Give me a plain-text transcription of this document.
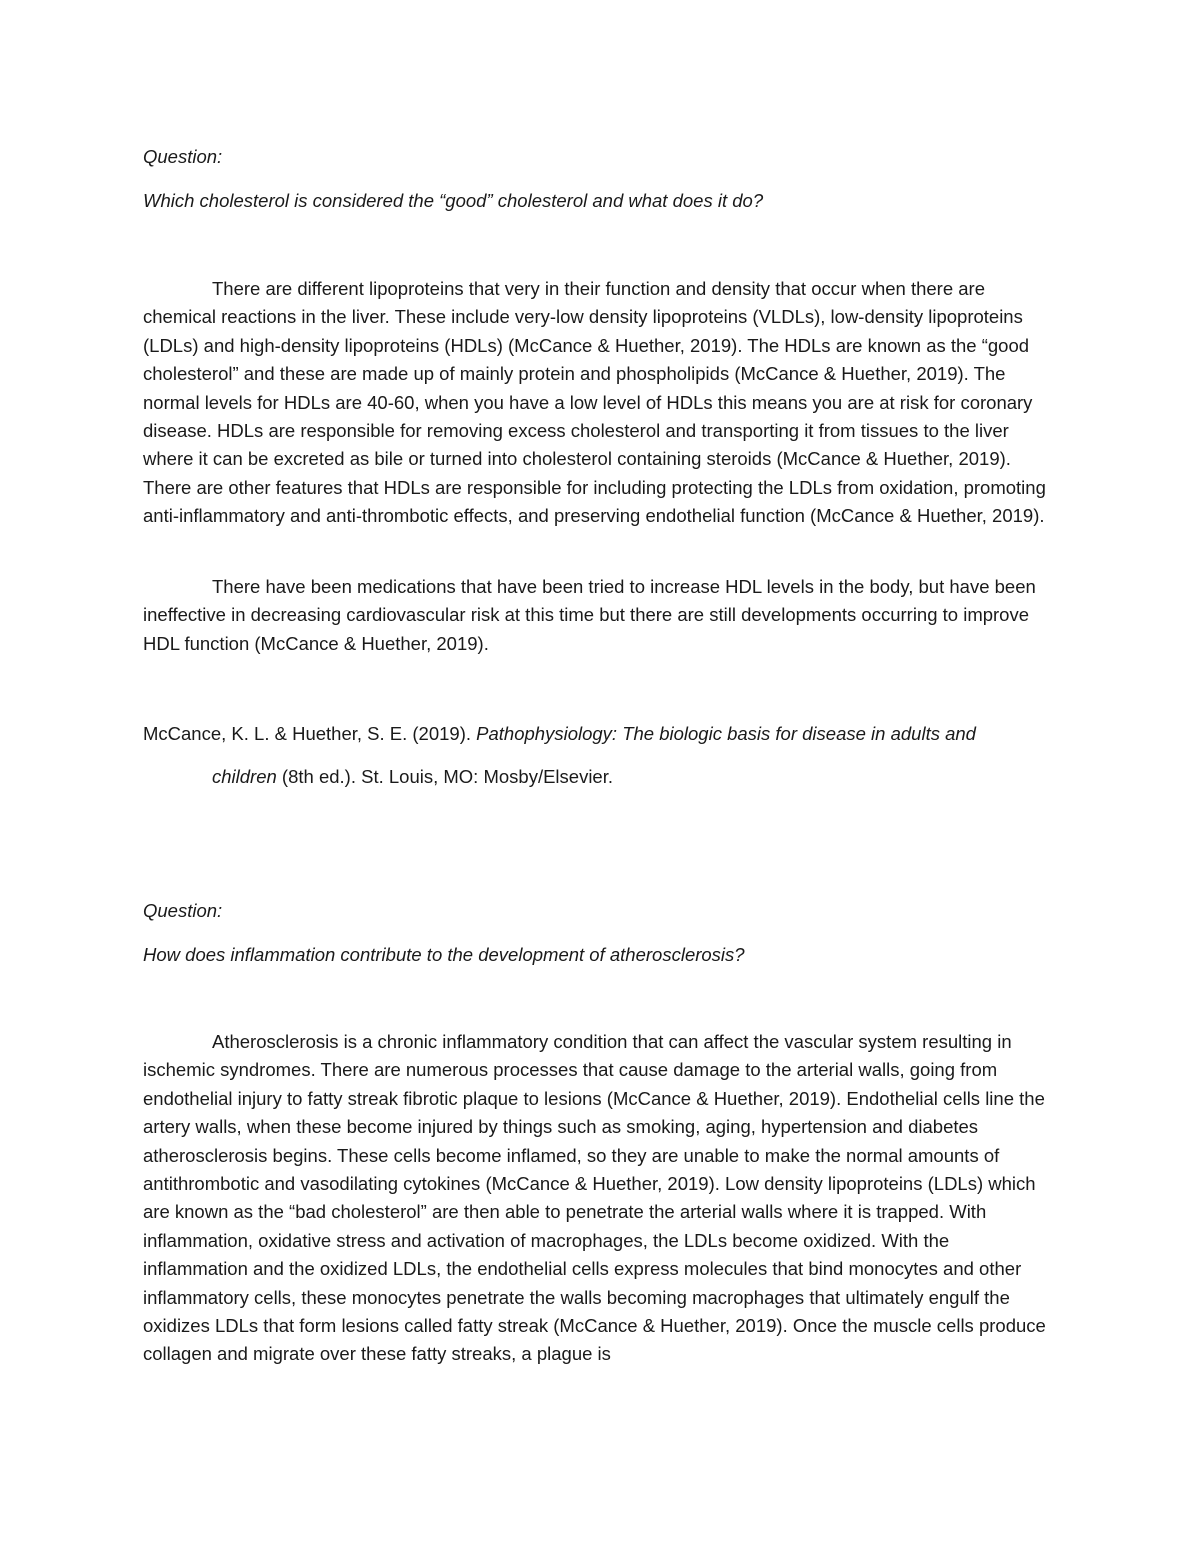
Question:

Which cholesterol is considered the “good” cholesterol and what does it do?

There are different lipoproteins that very in their function and density that occur when there are chemical reactions in the liver. These include very-low density lipoproteins (VLDLs), low-density lipoproteins (LDLs) and high-density lipoproteins (HDLs) (McCance & Huether, 2019). The HDLs are known as the “good cholesterol” and these are made up of mainly protein and phospholipids (McCance & Huether, 2019). The normal levels for HDLs are 40-60, when you have a low level of HDLs this means you are at risk for coronary disease. HDLs are responsible for removing excess cholesterol and transporting it from tissues to the liver where it can be excreted as bile or turned into cholesterol containing steroids (McCance & Huether, 2019). There are other features that HDLs are responsible for including protecting the LDLs from oxidation, promoting anti-inflammatory and anti-thrombotic effects, and preserving endothelial function (McCance & Huether, 2019).

There have been medications that have been tried to increase HDL levels in the body, but have been ineffective in decreasing cardiovascular risk at this time but there are still developments occurring to improve HDL function (McCance & Huether, 2019).

McCance, K. L. & Huether, S. E. (2019). Pathophysiology: The biologic basis for disease in adults and

children (8th ed.). St. Louis, MO: Mosby/Elsevier.

Question:

How does inflammation contribute to the development of atherosclerosis?

Atherosclerosis is a chronic inflammatory condition that can affect the vascular system resulting in ischemic syndromes. There are numerous processes that cause damage to the arterial walls, going from endothelial injury to fatty streak fibrotic plaque to lesions (McCance & Huether, 2019). Endothelial cells line the artery walls, when these become injured by things such as smoking, aging, hypertension and diabetes atherosclerosis begins. These cells become inflamed, so they are unable to make the normal amounts of antithrombotic and vasodilating cytokines (McCance & Huether, 2019). Low density lipoproteins (LDLs) which are known as the “bad cholesterol” are then able to penetrate the arterial walls where it is trapped. With inflammation, oxidative stress and activation of macrophages, the LDLs become oxidized. With the inflammation and the oxidized LDLs, the endothelial cells express molecules that bind monocytes and other inflammatory cells, these monocytes penetrate the walls becoming macrophages that ultimately engulf the oxidizes LDLs that form lesions called fatty streak (McCance & Huether, 2019). Once the muscle cells produce collagen and migrate over these fatty streaks, a plague is
